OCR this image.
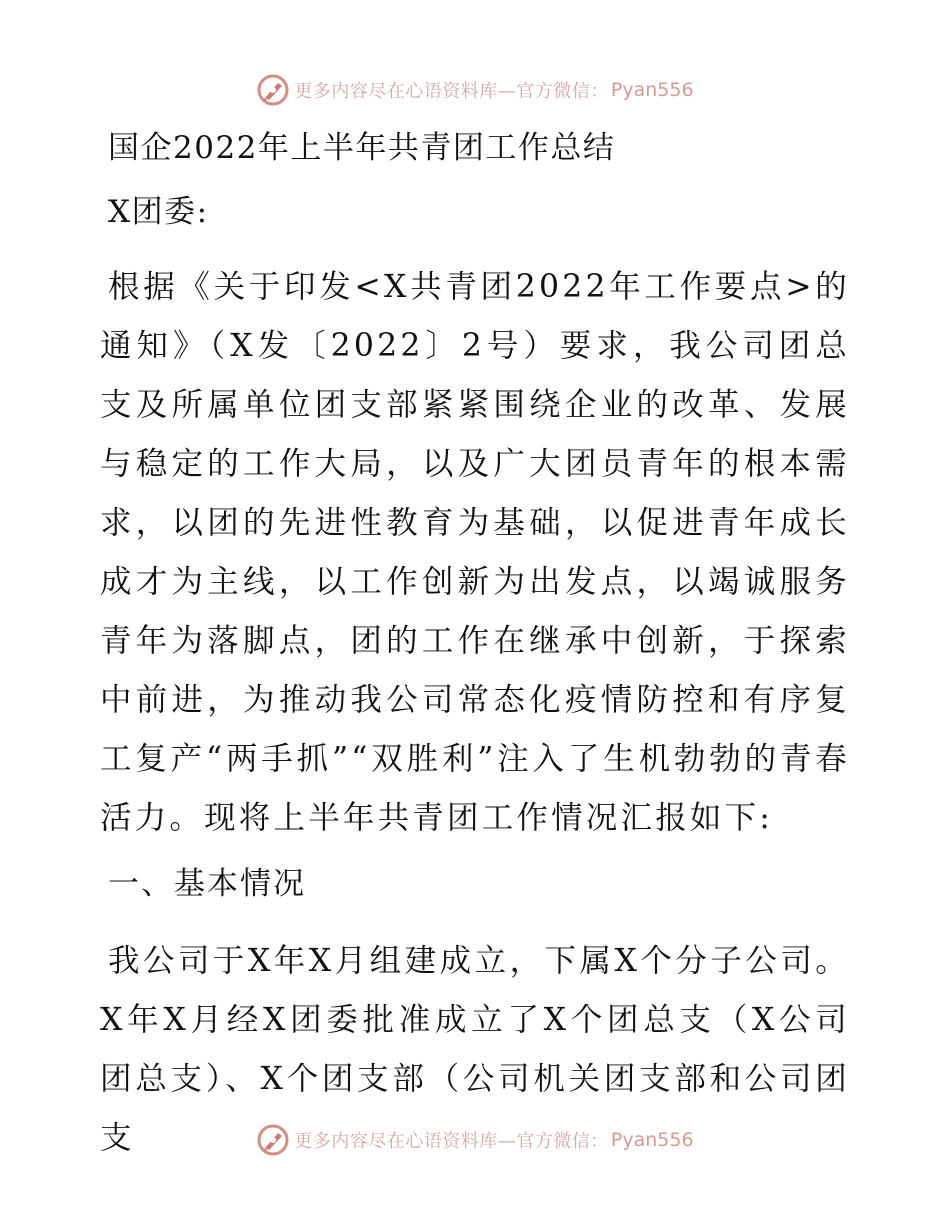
更多内容尽在心语资料库—官方微信： Pyan556
国企2022年上半年共青团工作总结
X团委:

根据《关于印发<X共青团2022年工作要点>的通知》（X发〔2022〕2号）要求，我公司团总支及所属单位团支部紧紧围绕企业的改革、发展与稳定的工作大局，以及广大团员青年的根本需求，以团的先进性教育为基础，以促进青年成长成才为主线，以工作创新为出发点，以竭诚服务青年为落脚点，团的工作在继承中创新，于探索中前进，为推动我公司常态化疫情防控和有序复工复产“两手抓”“双胜利”注入了生机勃勃的青春活力。现将上半年共青团工作情况汇报如下:

一、基本情况

我公司于X年X月组建成立，下属X个分子公司。X年X月经X团委批准成立了X个团总支（X公司团总支）、X个团支部（公司机关团支部和公司团支	更多内容尽在心语资料库—官方微信： Pyan556
